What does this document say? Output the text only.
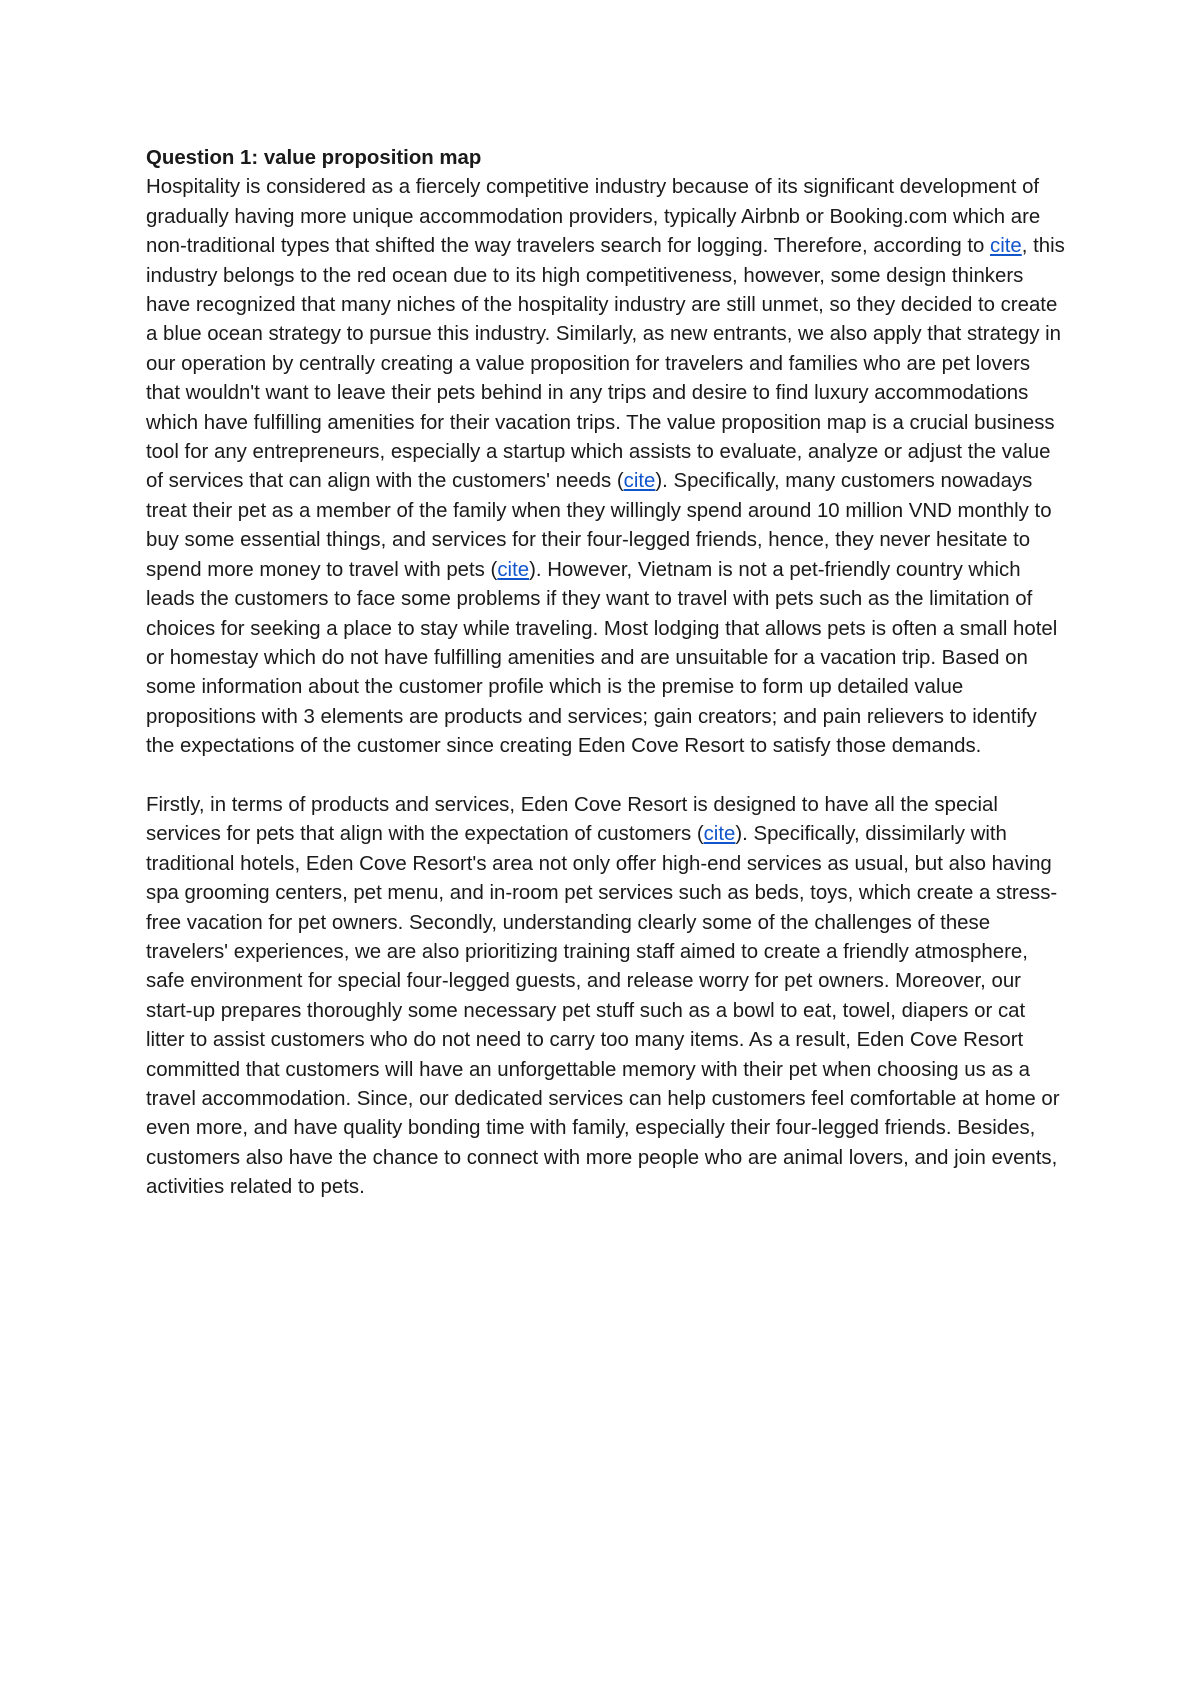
Question 1: value proposition map

Hospitality is considered as a fiercely competitive industry because of its significant development of gradually having more unique accommodation providers, typically Airbnb or Booking.com which are non-traditional types that shifted the way travelers search for logging. Therefore, according to cite, this industry belongs to the red ocean due to its high competitiveness, however, some design thinkers have recognized that many niches of the hospitality industry are still unmet, so they decided to create a blue ocean strategy to pursue this industry. Similarly, as new entrants, we also apply that strategy in our operation by centrally creating a value proposition for travelers and families who are pet lovers that wouldn't want to leave their pets behind in any trips and desire to find luxury accommodations which have fulfilling amenities for their vacation trips. The value proposition map is a crucial business tool for any entrepreneurs, especially a startup which assists to evaluate, analyze or adjust the value of services that can align with the customers' needs (cite). Specifically, many customers nowadays treat their pet as a member of the family when they willingly spend around 10 million VND monthly to buy some essential things, and services for their four-legged friends, hence, they never hesitate to spend more money to travel with pets (cite). However, Vietnam is not a pet-friendly country which leads the customers to face some problems if they want to travel with pets such as the limitation of choices for seeking a place to stay while traveling. Most lodging that allows pets is often a small hotel or homestay which do not have fulfilling amenities and are unsuitable for a vacation trip. Based on some information about the customer profile which is the premise to form up detailed value propositions with 3 elements are products and services; gain creators; and pain relievers to identify the expectations of the customer since creating Eden Cove Resort to satisfy those demands.

Firstly, in terms of products and services, Eden Cove Resort is designed to have all the special services for pets that align with the expectation of customers (cite). Specifically, dissimilarly with traditional hotels, Eden Cove Resort's area not only offer high-end services as usual, but also having spa grooming centers, pet menu, and in-room pet services such as beds, toys, which create a stress-free vacation for pet owners. Secondly, understanding clearly some of the challenges of these travelers' experiences, we are also prioritizing training staff aimed to create a friendly atmosphere, safe environment for special four-legged guests, and release worry for pet owners. Moreover, our start-up prepares thoroughly some necessary pet stuff such as a bowl to eat, towel, diapers or cat litter to assist customers who do not need to carry too many items. As a result, Eden Cove Resort committed that customers will have an unforgettable memory with their pet when choosing us as a travel accommodation. Since, our dedicated services can help customers feel comfortable at home or even more, and have quality bonding time with family, especially their four-legged friends. Besides, customers also have the chance to connect with more people who are animal lovers, and join events, activities related to pets.
